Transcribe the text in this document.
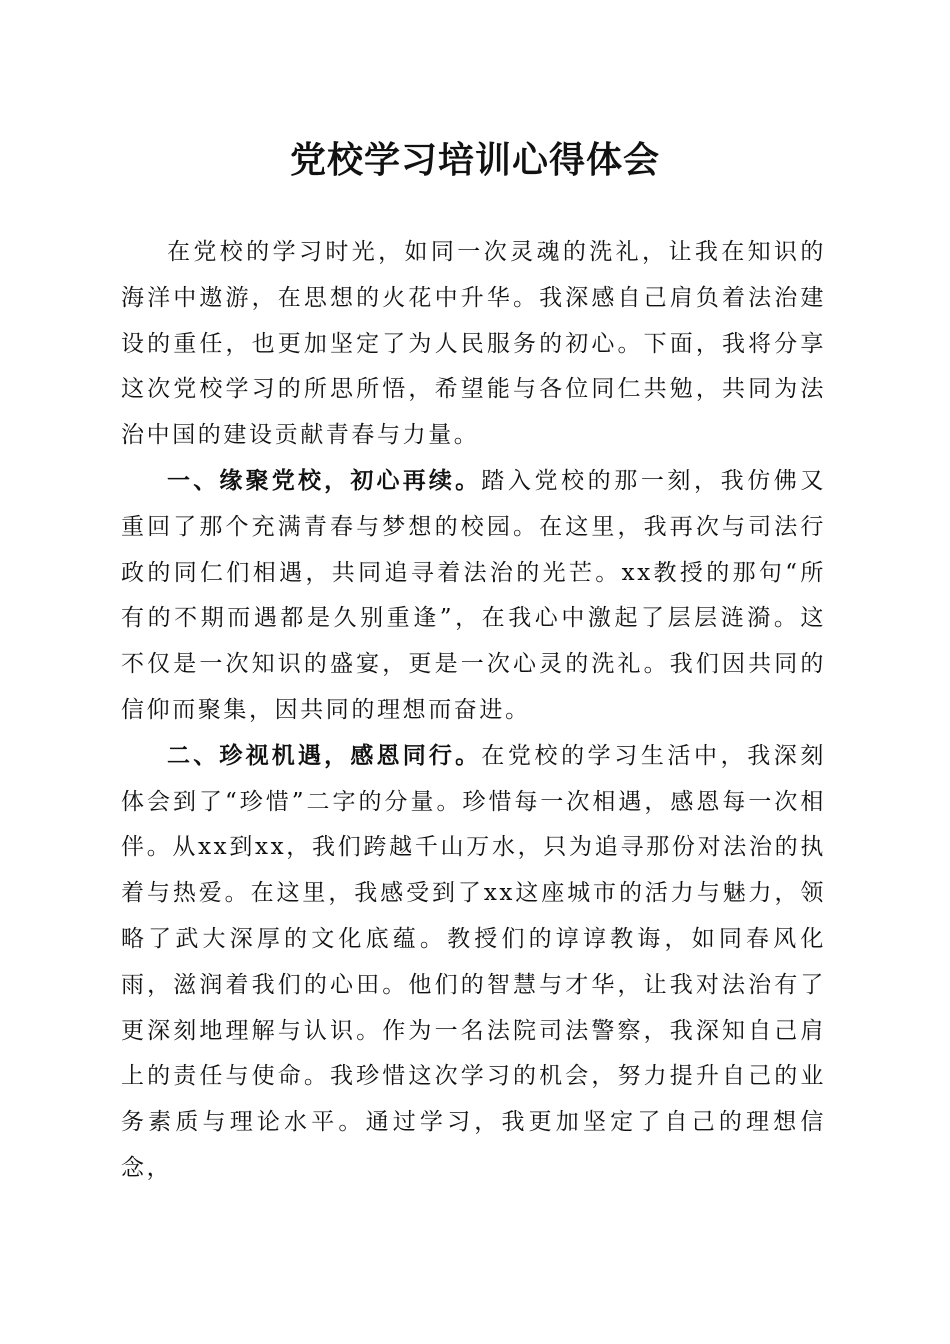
党校学习培训心得体会

在党校的学习时光，如同一次灵魂的洗礼，让我在知识的海洋中遨游，在思想的火花中升华。我深感自己肩负着法治建设的重任，也更加坚定了为人民服务的初心。下面，我将分享这次党校学习的所思所悟，希望能与各位同仁共勉，共同为法治中国的建设贡献青春与力量。

一、缘聚党校，初心再续。踏入党校的那一刻，我仿佛又重回了那个充满青春与梦想的校园。在这里，我再次与司法行政的同仁们相遇，共同追寻着法治的光芒。xx教授的那句“所有的不期而遇都是久别重逢”，在我心中激起了层层涟漪。这不仅是一次知识的盛宴，更是一次心灵的洗礼。我们因共同的信仰而聚集，因共同的理想而奋进。

二、珍视机遇，感恩同行。在党校的学习生活中，我深刻体会到了“珍惜”二字的分量。珍惜每一次相遇，感恩每一次相伴。从xx到xx，我们跨越千山万水，只为追寻那份对法治的执着与热爱。在这里，我感受到了xx这座城市的活力与魅力，领略了武大深厚的文化底蕴。教授们的谆谆教诲，如同春风化雨，滋润着我们的心田。他们的智慧与才华，让我对法治有了更深刻地理解与认识。作为一名法院司法警察，我深知自己肩上的责任与使命。我珍惜这次学习的机会，努力提升自己的业务素质与理论水平。通过学习，我更加坚定了自己的理想信念，
